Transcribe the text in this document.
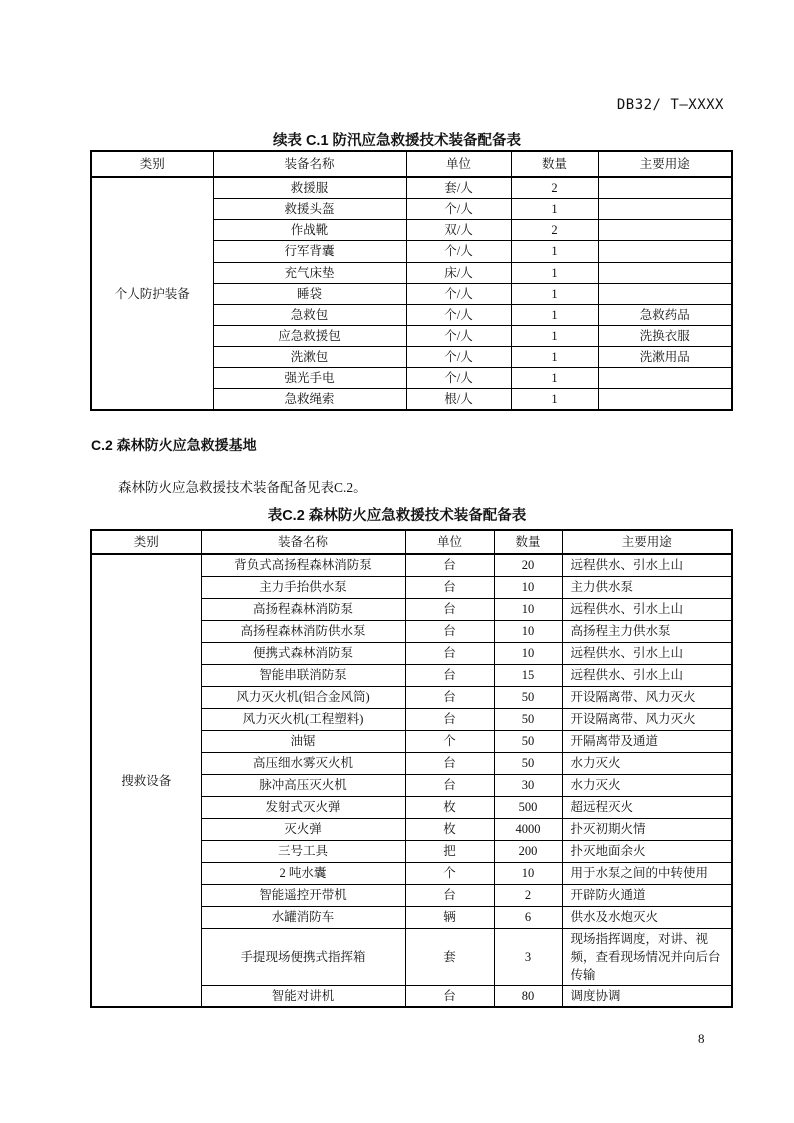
DB32/ T—XXXX
续表 C.1 防汛应急救援技术装备配备表
类别	装备名称	单位	数量	主要用途
个人防护装备	救援服	套/人	2	
	救援头盔	个/人	1	
	作战靴	双/人	2	
	行军背囊	个/人	1	
	充气床垫	床/人	1	
	睡袋	个/人	1	
	急救包	个/人	1	急救药品
	应急救援包	个/人	1	洗换衣服
	洗漱包	个/人	1	洗漱用品
	强光手电	个/人	1	
	急救绳索	根/人	1	
C.2 森林防火应急救援基地
森林防火应急救援技术装备配备见表C.2。
表C.2 森林防火应急救援技术装备配备表
类别	装备名称	单位	数量	主要用途
搜救设备	背负式高扬程森林消防泵	台	20	远程供水、引水上山
	主力手抬供水泵	台	10	主力供水泵
	高扬程森林消防泵	台	10	远程供水、引水上山
	高扬程森林消防供水泵	台	10	高扬程主力供水泵
	便携式森林消防泵	台	10	远程供水、引水上山
	智能串联消防泵	台	15	远程供水、引水上山
	风力灭火机(铝合金风筒)	台	50	开设隔离带、风力灭火
	风力灭火机(工程塑料)	台	50	开设隔离带、风力灭火
	油锯	个	50	开隔离带及通道
	高压细水雾灭火机	台	50	水力灭火
	脉冲高压灭火机	台	30	水力灭火
	发射式灭火弹	枚	500	超远程灭火
	灭火弹	枚	4000	扑灭初期火情
	三号工具	把	200	扑灭地面余火
	2 吨水囊	个	10	用于水泵之间的中转使用
	智能遥控开带机	台	2	开辟防火通道
	水罐消防车	辆	6	供水及水炮灭火
	手提现场便携式指挥箱	套	3	现场指挥调度，对讲、视频，查看现场情况并向后台传输
	智能对讲机	台	80	调度协调
8
